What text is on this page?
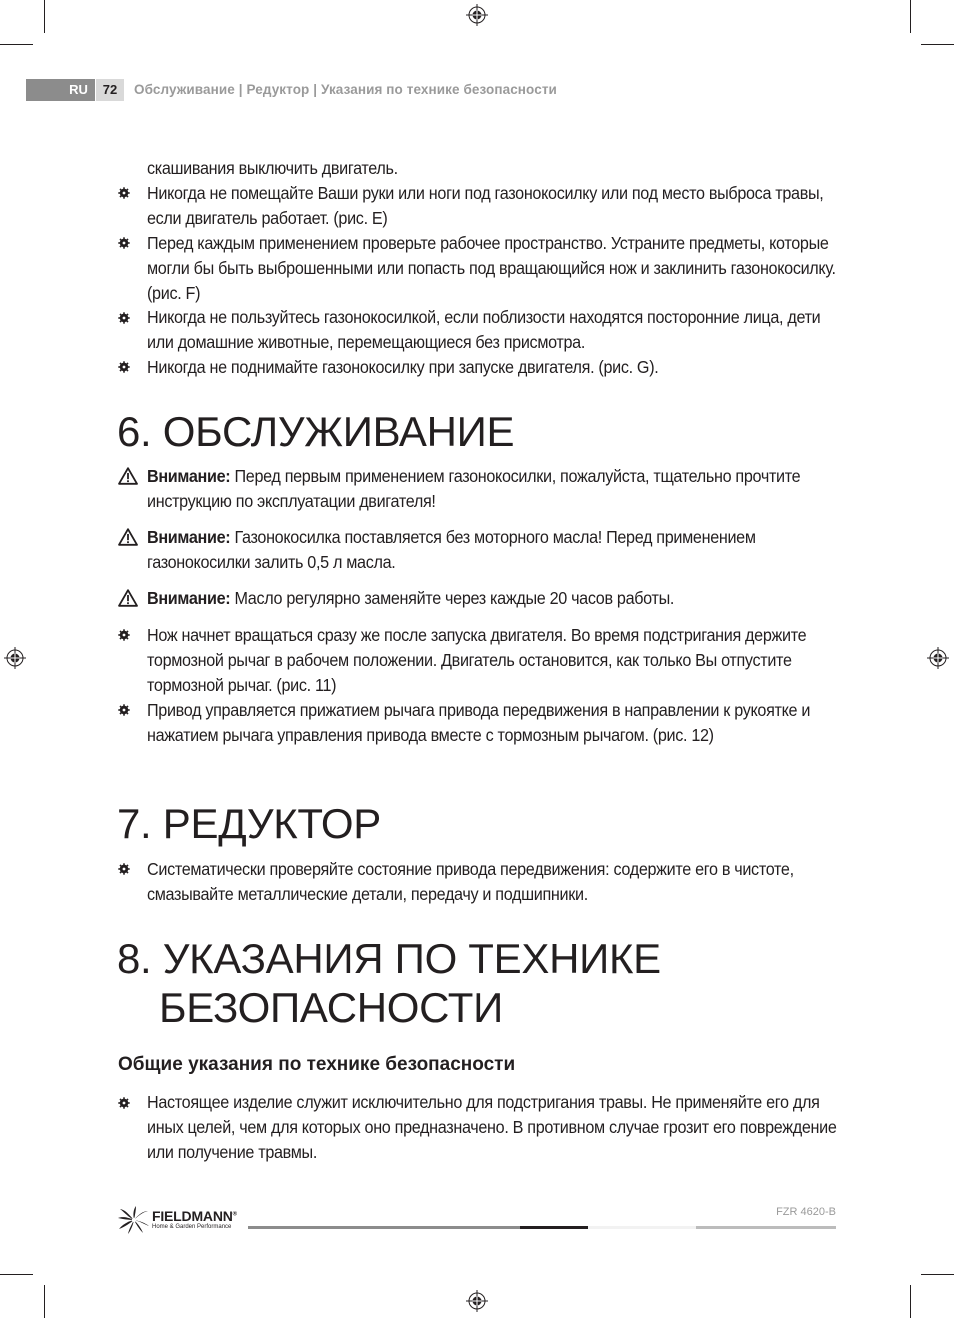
RU	72	Обслуживание | Редуктор | Указания по технике безопасности
скашивания выключить двигатель.
Никогда не помещайте Ваши руки или ноги под газонокосилку или под место выброса травы, если двигатель работает. (рис. E)
Перед каждым применением проверьте рабочее пространство. Устраните предметы, которые могли бы быть выброшенными или попасть под вращающийся нож и заклинить газонокосилку. (рис. F)
Никогда не пользуйтесь газонокосилкой, если поблизости находятся посторонние лица, дети или домашние животные, перемещающиеся без присмотра.
Никогда не поднимайте газонокосилку при запуске двигателя. (рис. G).
6. ОБСЛУЖИВАНИЕ
Внимание: Перед первым применением газонокосилки, пожалуйста, тщательно прочтите инструкцию по эксплуатации двигателя!
Внимание: Газонокосилка поставляется без моторного масла! Перед применением газонокосилки залить 0,5 л масла.
Внимание: Масло регулярно заменяйте через каждые 20 часов работы.
Нож начнет вращаться сразу же после запуска двигателя. Во время подстригания держите тормозной рычаг в рабочем положении. Двигатель остановится, как только Вы отпустите тормозной рычаг. (рис. 11)
Привод управляется прижатием рычага привода передвижения в направлении к рукоятке и нажатием рычага управления привода вместе с тормозным рычагом. (рис. 12)
7. РЕДУКТОР
Систематически проверяйте состояние привода передвижения: содержите его в чистоте, смазывайте металлические детали, передачу и подшипники.
8. УКАЗАНИЯ ПО ТЕХНИКЕ
БЕЗОПАСНОСТИ
Общие указания по технике безопасности
Настоящее изделие служит исключительно для подстригания травы. Не применяйте его для иных целей, чем для которых оно предназначено. В противном случае грозит его повреждение или получение травмы.
FIELDMANN®
Home & Garden Performance
FZR 4620-B
